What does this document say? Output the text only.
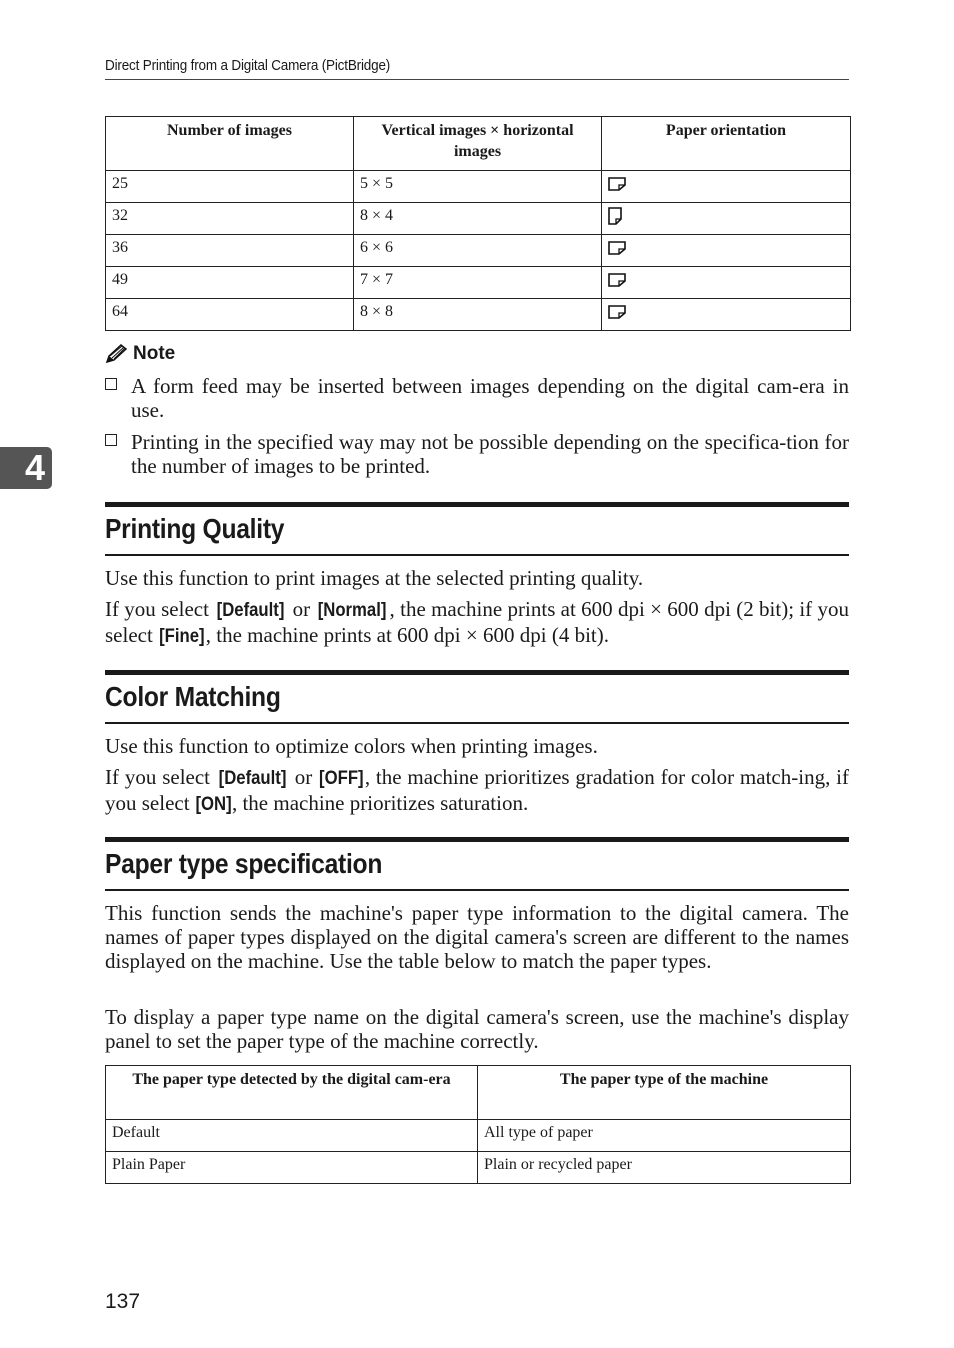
Direct Printing from a Digital Camera (PictBridge)
Number of images	Vertical images × horizontal images	Paper orientation
25	5 × 5	
32	8 × 4	
36	6 × 6	
49	7 × 7	
64	8 × 8	
Note
A form feed may be inserted between images depending on the digital cam-era in use.
Printing in the specified way may not be possible depending on the specifica-tion for the number of images to be printed.
4
Printing Quality
Use this function to print images at the selected printing quality.
If you select [Default] or [Normal] , the machine prints at 600 dpi × 600 dpi (2 bit); if you select [Fine], the machine prints at 600 dpi × 600 dpi (4 bit).
Color Matching
Use this function to optimize colors when printing images.
If you select [Default] or [OFF], the machine prioritizes gradation for color match-ing, if you select [ON], the machine prioritizes saturation.
Paper type specification
This function sends the machine's paper type information to the digital camera. The names of paper types displayed on the digital camera's screen are different to the names displayed on the machine. Use the table below to match the paper types.
To display a paper type name on the digital camera's screen, use the machine's display panel to set the paper type of the machine correctly.
The paper type detected by the digital cam-era	The paper type of the machine
Default	All type of paper
Plain Paper	Plain or recycled paper
137
